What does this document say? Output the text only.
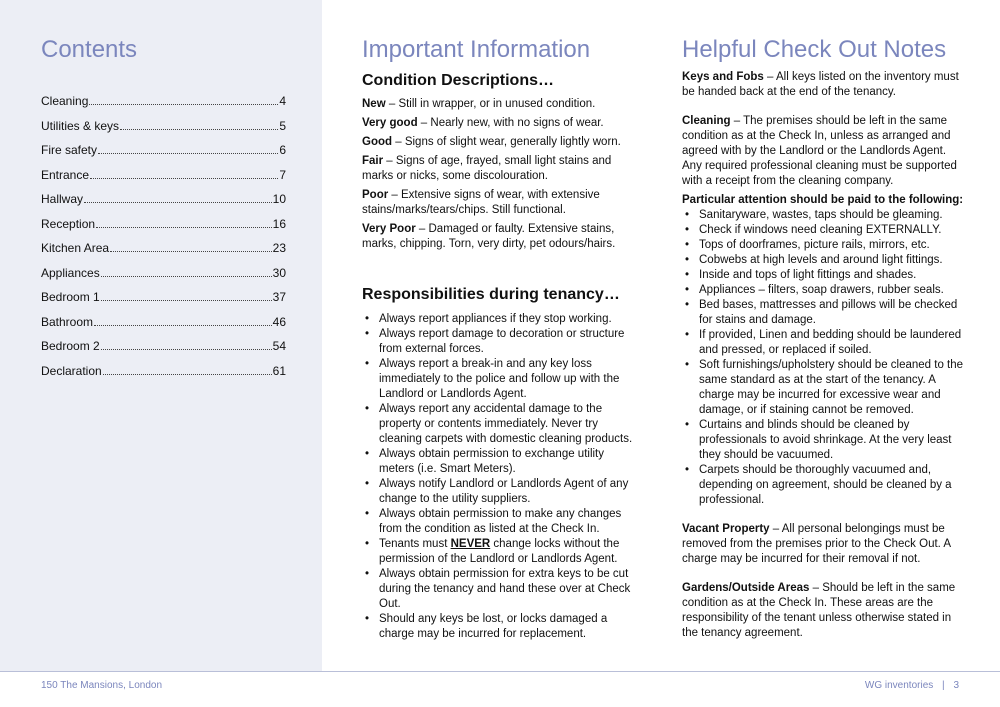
Contents
Cleaning	4
Utilities & keys	5
Fire safety	6
Entrance	7
Hallway	10
Reception	16
Kitchen Area	23
Appliances	30
Bedroom 1	37
Bathroom	46
Bedroom 2	54
Declaration	61
Important Information
Condition Descriptions…

New – Still in wrapper, or in unused condition.

Very good – Nearly new, with no signs of wear.

Good – Signs of slight wear, generally lightly worn.

Fair – Signs of age, frayed, small light stains and marks or nicks, some discolouration.

Poor – Extensive signs of wear, with extensive stains/marks/tears/chips. Still functional.

Very Poor – Damaged or faulty. Extensive stains, marks, chipping. Torn, very dirty, pet odours/hairs.

Responsibilities during tenancy…
• Always report appliances if they stop working.
• Always report damage to decoration or structure from external forces.
• Always report a break-in and any key loss immediately to the police and follow up with the Landlord or Landlords Agent.
• Always report any accidental damage to the property or contents immediately. Never try cleaning carpets with domestic cleaning products.
• Always obtain permission to exchange utility meters (i.e. Smart Meters).
• Always notify Landlord or Landlords Agent of any change to the utility suppliers.
• Always obtain permission to make any changes from the condition as listed at the Check In.
• Tenants must NEVER change locks without the permission of the Landlord or Landlords Agent.
• Always obtain permission for extra keys to be cut during the tenancy and hand these over at Check Out.
• Should any keys be lost, or locks damaged a charge may be incurred for replacement.
Helpful Check Out Notes

Keys and Fobs – All keys listed on the inventory must be handed back at the end of the tenancy.

Cleaning – The premises should be left in the same condition as at the Check In, unless as arranged and agreed with by the Landlord or the Landlords Agent. Any required professional cleaning must be supported with a receipt from the cleaning company.

Particular attention should be paid to the following:
• Sanitaryware, wastes, taps should be gleaming.
• Check if windows need cleaning EXTERNALLY.
• Tops of doorframes, picture rails, mirrors, etc.
• Cobwebs at high levels and around light fittings.
• Inside and tops of light fittings and shades.
• Appliances – filters, soap drawers, rubber seals.
• Bed bases, mattresses and pillows will be checked for stains and damage.
• If provided, Linen and bedding should be laundered and pressed, or replaced if soiled.
• Soft furnishings/upholstery should be cleaned to the same standard as at the start of the tenancy. A charge may be incurred for excessive wear and damage, or if staining cannot be removed.
• Curtains and blinds should be cleaned by professionals to avoid shrinkage. At the very least they should be vacuumed.
• Carpets should be thoroughly vacuumed and, depending on agreement, should be cleaned by a professional.

Vacant Property – All personal belongings must be removed from the premises prior to the Check Out. A charge may be incurred for their removal if not.

Gardens/Outside Areas – Should be left in the same condition as at the Check In. These areas are the responsibility of the tenant unless otherwise stated in the tenancy agreement.

150 The Mansions, London	WG inventories | 3
